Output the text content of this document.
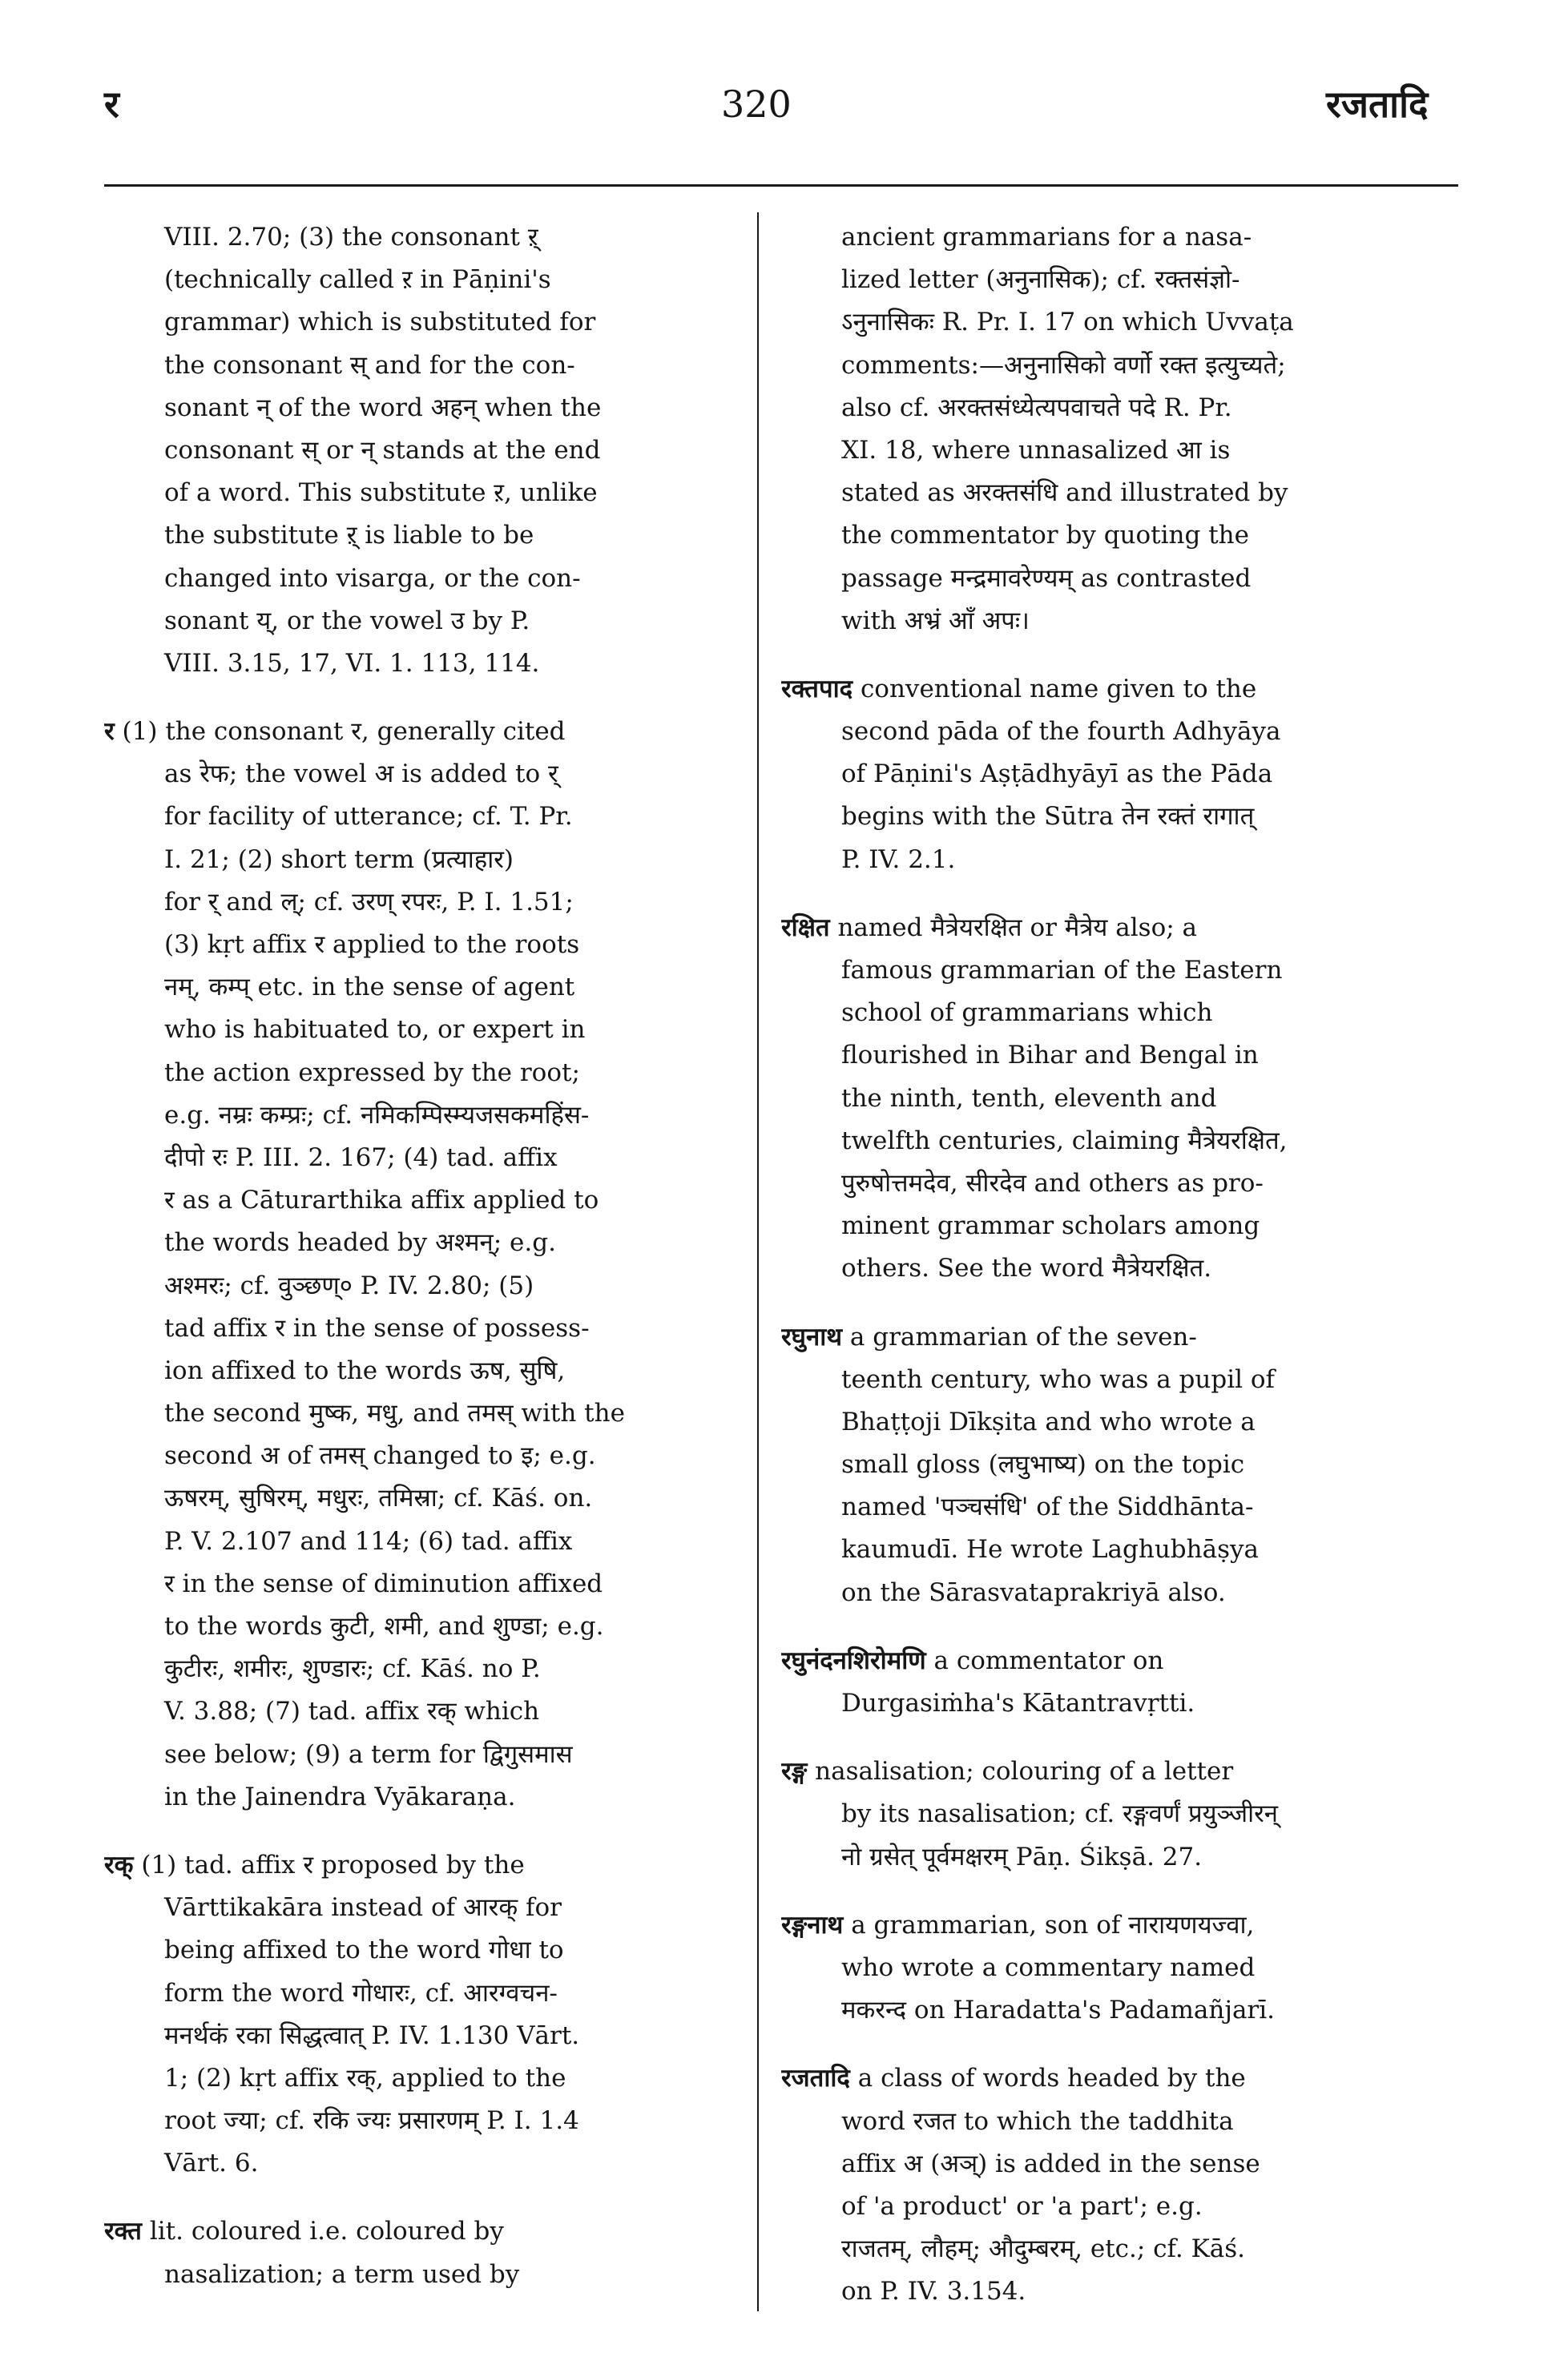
र	320	रजतादि
VIII. 2.70; (3) the consonant ऱ्
(technically called ऱ in Pāṇini's
grammar) which is substituted for
the consonant स् and for the con-
sonant न् of the word अहन् when the
consonant स् or न् stands at the end
of a word. This substitute ऱ, unlike
the substitute ऱ् is liable to be
changed into visarga, or the con-
sonant य्, or the vowel उ by P.
VIII. 3.15, 17, VI. 1. 113, 114.
र (1) the consonant र, generally cited
as रेफ; the vowel अ is added to र्
for facility of utterance; cf. T. Pr.
I. 21; (2) short term (प्रत्याहार)
for र् and ल्; cf. उरण् रपरः, P. I. 1.51;
(3) kṛt affix र applied to the roots
नम्, कम्प् etc. in the sense of agent
who is habituated to, or expert in
the action expressed by the root;
e.g. नम्रः कम्प्रः; cf. नमिकम्पिस्म्यजसकमहिंस-
दीपो रः P. III. 2. 167; (4) tad. affix
र as a Cāturarthika affix applied to
the words headed by अश्मन्; e.g.
अश्मरः; cf. वुञ्छण्० P. IV. 2.80; (5)
tad affix र in the sense of possess-
ion affixed to the words ऊष, सुषि,
the second मुष्क, मधु, and तमस् with the
second अ of तमस् changed to इ; e.g.
ऊषरम्, सुषिरम्, मधुरः, तमिस्रा; cf. Kāś. on.
P. V. 2.107 and 114; (6) tad. affix
र in the sense of diminution affixed
to the words कुटी, शमी, and शुण्डा; e.g.
कुटीरः, शमीरः, शुण्डारः; cf. Kāś. no P.
V. 3.88; (7) tad. affix रक् which
see below; (9) a term for द्विगुसमास
in the Jainendra Vyākaraṇa.
रक् (1) tad. affix र proposed by the
Vārttikakāra instead of आरक् for
being affixed to the word गोधा to
form the word गोधारः, cf. आरग्वचन-
मनर्थकं रका सिद्धत्वात् P. IV. 1.130 Vārt.
1; (2) kṛt affix रक्, applied to the
root ज्या; cf. रकि ज्यः प्रसारणम् P. I. 1.4
Vārt. 6.
रक्त lit. coloured i.e. coloured by
nasalization; a term used by
ancient grammarians for a nasa-
lized letter (अनुनासिक); cf. रक्तसंज्ञो-
ऽनुनासिकः R. Pr. I. 17 on which Uvvaṭa
comments:—अनुनासिको वर्णो रक्त इत्युच्यते;
also cf. अरक्तसंध्येत्यपवाचते पदे R. Pr.
XI. 18, where unnasalized आ is
stated as अरक्तसंधि and illustrated by
the commentator by quoting the
passage मन्द्रमावरेण्यम् as contrasted
with अभ्रं आँ अपः।
रक्तपाद conventional name given to the
second pāda of the fourth Adhyāya
of Pāṇini's Aṣṭādhyāyī as the Pāda
begins with the Sūtra तेन रक्तं रागात्
P. IV. 2.1.
रक्षित named मैत्रेयरक्षित or मैत्रेय also; a
famous grammarian of the Eastern
school of grammarians which
flourished in Bihar and Bengal in
the ninth, tenth, eleventh and
twelfth centuries, claiming मैत्रेयरक्षित,
पुरुषोत्तमदेव, सीरदेव and others as pro-
minent grammar scholars among
others. See the word मैत्रेयरक्षित.
रघुनाथ a grammarian of the seven-
teenth century, who was a pupil of
Bhaṭṭoji Dīkṣita and who wrote a
small gloss (लघुभाष्य) on the topic
named 'पञ्चसंधि' of the Siddhānta-
kaumudī. He wrote Laghubhāṣya
on the Sārasvataprakriyā also.
रघुनंदनशिरोमणि a commentator on
Durgasiṁha's Kātantravṛtti.
रङ्ग nasalisation; colouring of a letter
by its nasalisation; cf. रङ्गवर्णं प्रयुञ्जीरन्
नो ग्रसेत् पूर्वमक्षरम् Pāṇ. Śikṣā. 27.
रङ्गनाथ a grammarian, son of नारायणयज्वा,
who wrote a commentary named
मकरन्द on Haradatta's Padamañjarī.
रजतादि a class of words headed by the
word रजत to which the taddhita
affix अ (अञ्) is added in the sense
of 'a product' or 'a part'; e.g.
राजतम्, लौहम्; औदुम्बरम्, etc.; cf. Kāś.
on P. IV. 3.154.
